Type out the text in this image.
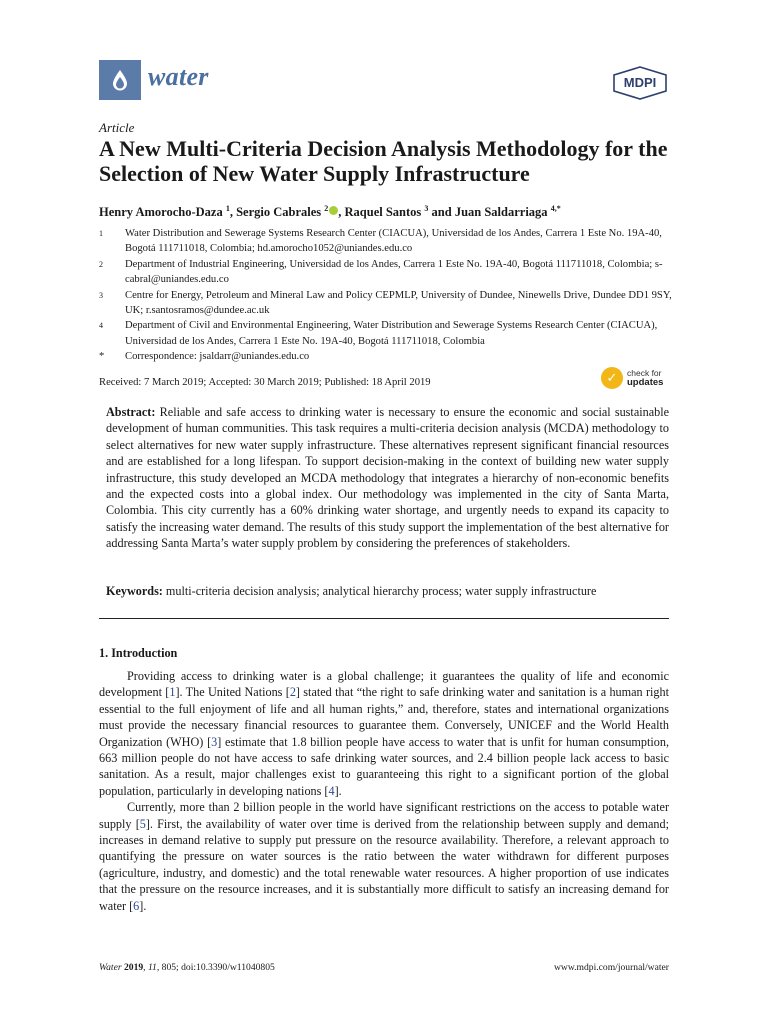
water	MDPI
Article
A New Multi-Criteria Decision Analysis Methodology for the Selection of New Water Supply Infrastructure
Henry Amorocho-Daza $^1$, Sergio Cabrales $^2$ , Raquel Santos $^3$ and Juan Saldarriaga $^{4,*}$
1	Water Distribution and Sewerage Systems Research Center (CIACUA), Universidad de los Andes, Carrera 1 Este No. 19A-40, Bogotá 111711018, Colombia; hd.amorocho1052@uniandes.edu.co
2	Department of Industrial Engineering, Universidad de los Andes, Carrera 1 Este No. 19A-40, Bogotá 111711018, Colombia; s-cabral@uniandes.edu.co
3	Centre for Energy, Petroleum and Mineral Law and Policy CEPMLP, University of Dundee, Ninewells Drive, Dundee DD1 9SY, UK; r.santosramos@dundee.ac.uk
4	Department of Civil and Environmental Engineering, Water Distribution and Sewerage Systems Research Center (CIACUA), Universidad de los Andes, Carrera 1 Este No. 19A-40, Bogotá 111711018, Colombia
*	Correspondence: jsaldarr@uniandes.edu.co
Received: 7 March 2019; Accepted: 30 March 2019; Published: 18 April 2019	✓	check for
updates

Abstract: Reliable and safe access to drinking water is necessary to ensure the economic and social sustainable development of human communities. This task requires a multi-criteria decision analysis (MCDA) methodology to select alternatives for new water supply infrastructure. These alternatives represent significant financial resources and are established for a long lifespan. To support decision-making in the context of building new water supply infrastructure, this study developed an MCDA methodology that integrates a hierarchy of non-economic benefits and the expected costs into a global index. Our methodology was implemented in the city of Santa Marta, Colombia. This city currently has a 60% drinking water shortage, and urgently needs to expand its capacity to satisfy the increasing water demand. The results of this study support the implementation of the best alternative for addressing Santa Marta’s water supply problem by considering the preferences of stakeholders.

Keywords: multi-criteria decision analysis; analytical hierarchy process; water supply infrastructure
1. Introduction

Providing access to drinking water is a global challenge; it guarantees the quality of life and economic development [1]. The United Nations [2] stated that “the right to safe drinking water and sanitation is a human right essential to the full enjoyment of life and all human rights,” and, therefore, states and international organizations must provide the necessary financial resources to guarantee them. Conversely, UNICEF and the World Health Organization (WHO) [3] estimate that 1.8 billion people have access to water that is unfit for human consumption, 663 million people do not have access to safe drinking water sources, and 2.4 billion people lack access to basic sanitation. As a result, major challenges exist to guaranteeing this right to a significant portion of the global population, particularly in developing nations [4].

Currently, more than 2 billion people in the world have significant restrictions on the access to potable water supply [5]. First, the availability of water over time is derived from the relationship between supply and demand; increases in demand relative to supply put pressure on the resource availability. Therefore, a relevant approach to quantifying the pressure on water sources is the ratio between the water withdrawn for different purposes (agriculture, industry, and domestic) and the total renewable water resources. A higher proportion of use indicates that the pressure on the resource increases, and it is substantially more difficult to satisfy an increasing demand for water [6].

Water 2019, 11, 805; doi:10.3390/w11040805	www.mdpi.com/journal/water
